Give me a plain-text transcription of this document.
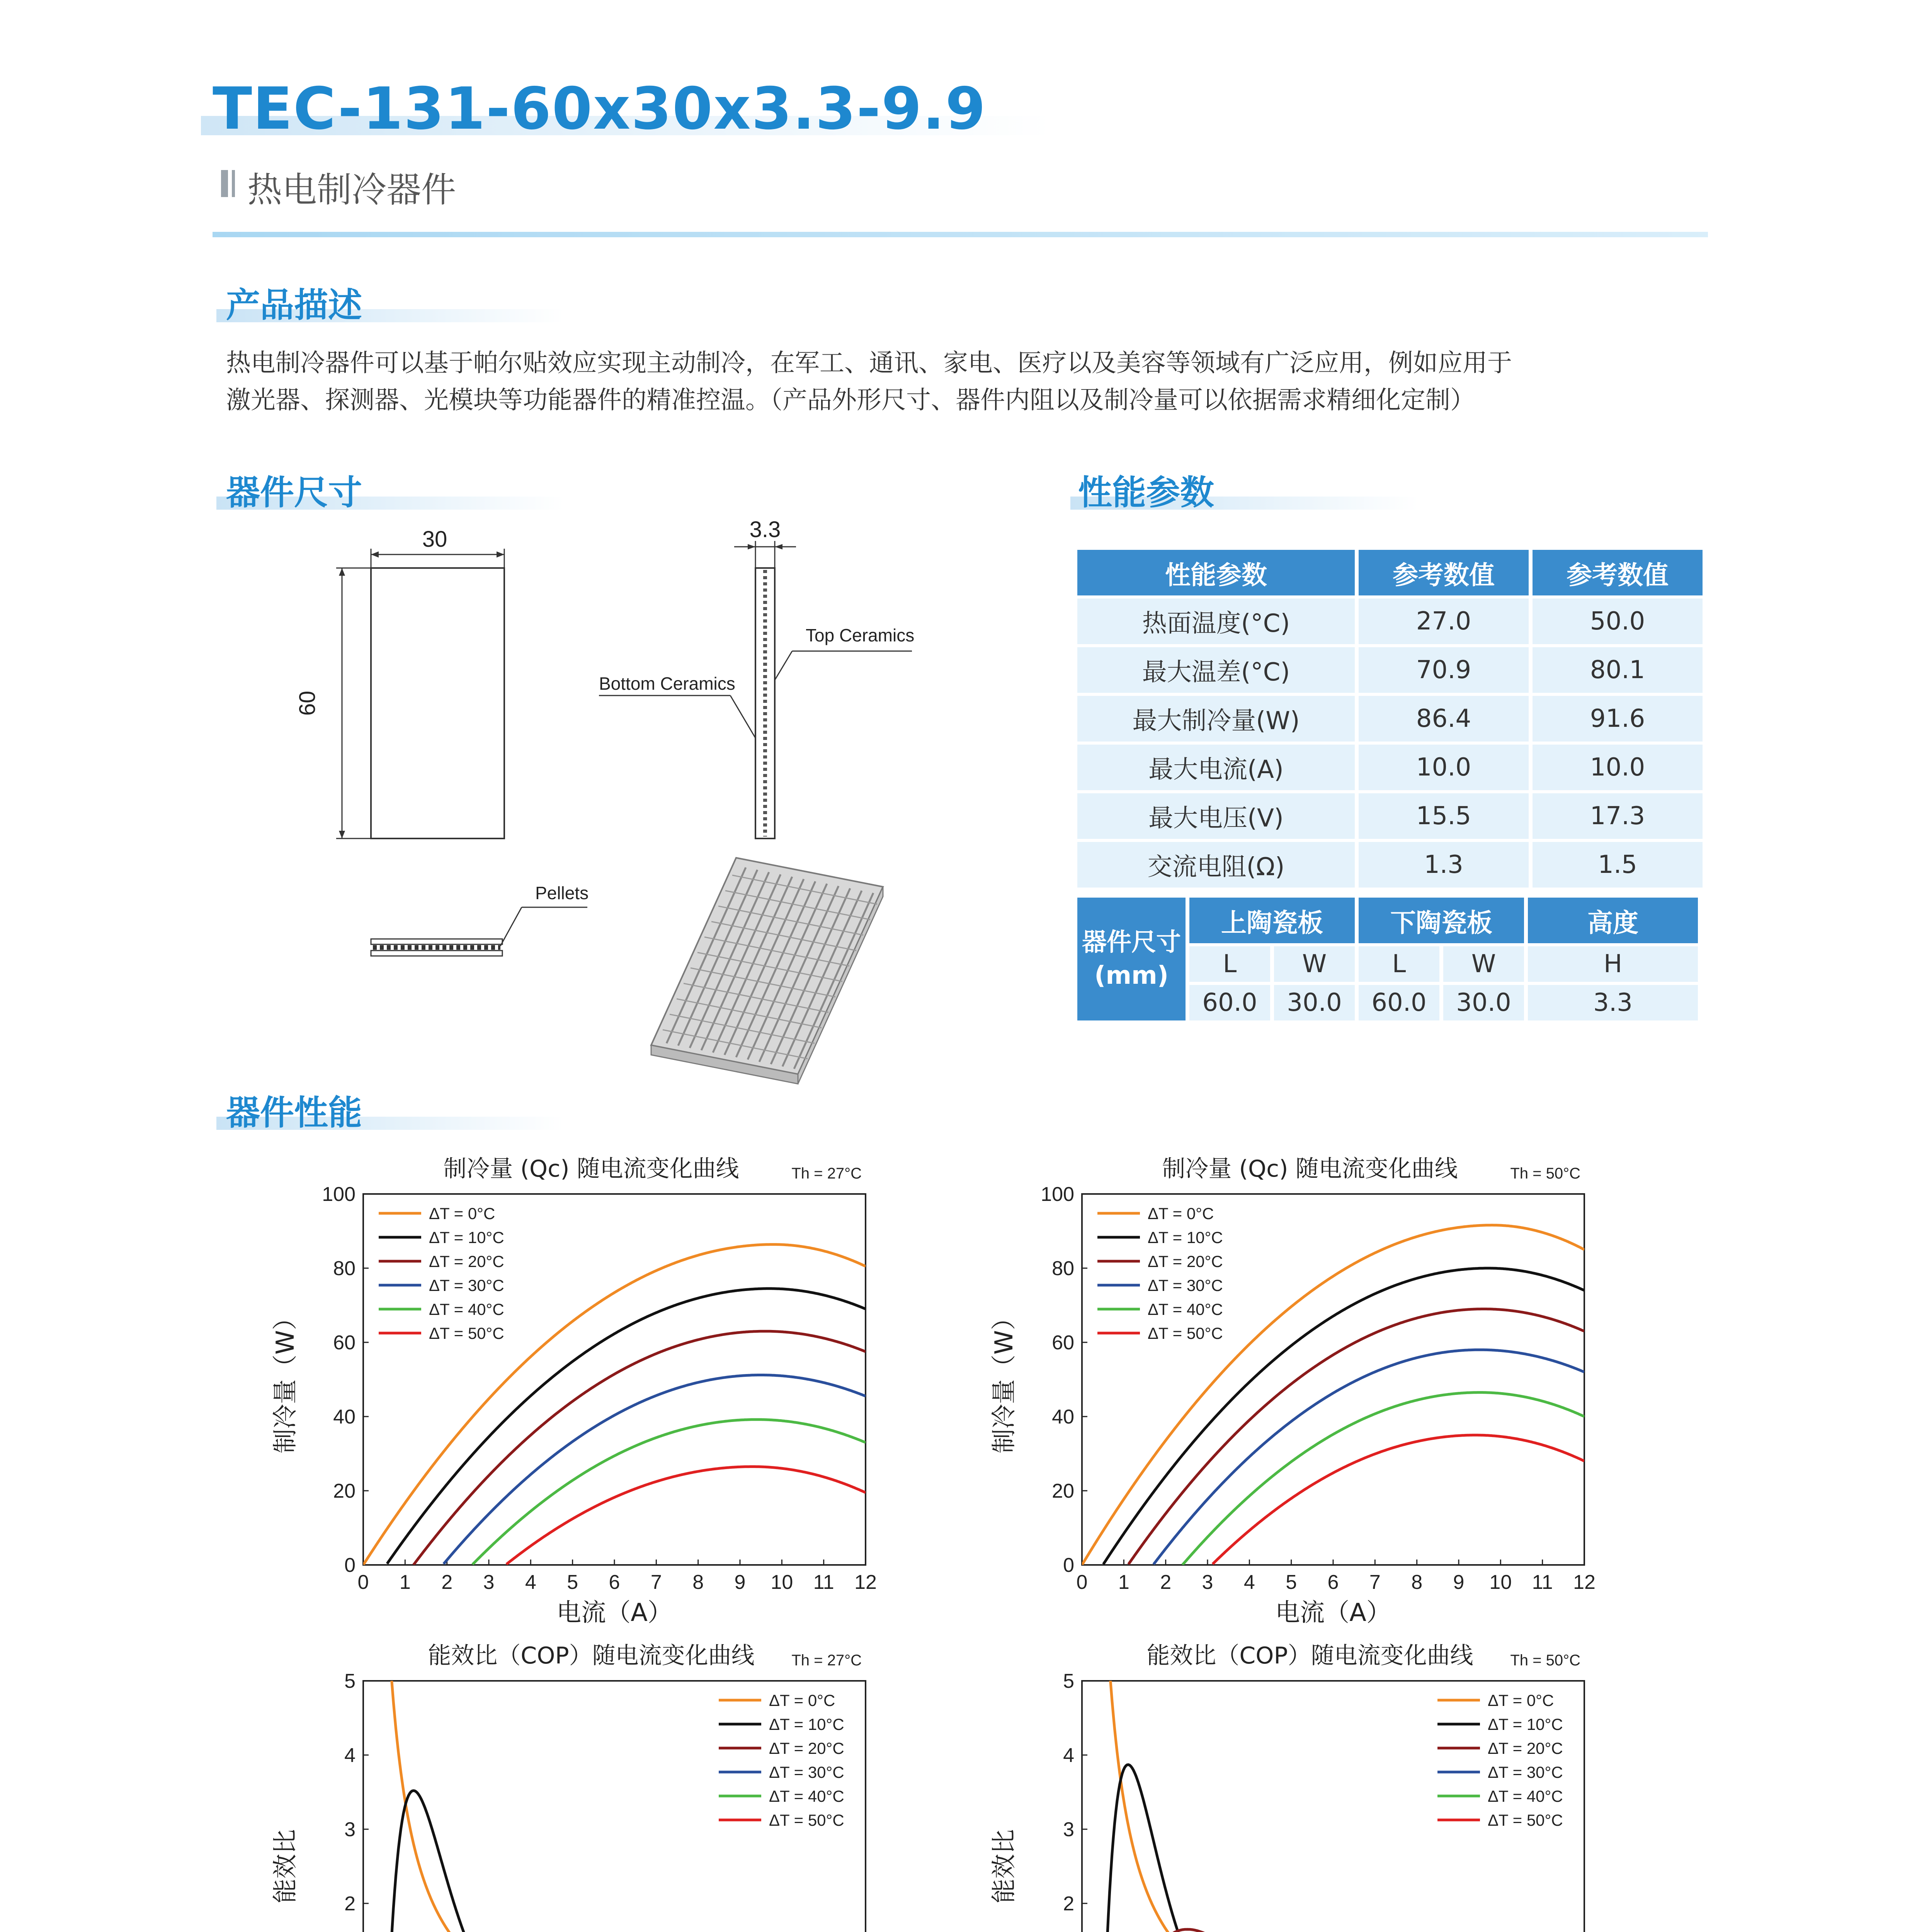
TEC-131-60x30x3.3-9.9
热电制冷器件
产品描述
热电制冷器件可以基于帕尔贴效应实现主动制冷，在军工、通讯、家电、医疗以及美容等领域有广泛应用，例如应用于
激光器、探测器、光模块等功能器件的精准控温。（产品外形尺寸、器件内阻以及制冷量可以依据需求精细化定制）
器件尺寸
30
60
3.3
Top Ceramics
Bottom Ceramics
Pellets
性能参数
性能参数	参考数值	参考数值
热面温度(°C)	27.0	50.0
最大温差(°C)	70.9	80.1
最大制冷量(W)	86.4	91.6
最大电流(A)	10.0	10.0
最大电压(V)	15.5	17.3
交流电阻(Ω)	1.3	1.5
器件尺寸
(mm)	上陶瓷板		下陶瓷板		高度
	L	W	L	W	H
	60.0	30.0	60.0	30.0	3.3
器件性能
制冷量 (Qc) 随电流变化曲线	Th = 27°C
0 1 2 3 4 5 6 7 8 9 10 11 12
0
20
40
60
80
100
电流（A）
制冷量（W）
ΔT = 0°C
ΔT = 10°C
ΔT = 20°C
ΔT = 30°C
ΔT = 40°C
ΔT = 50°C
制冷量 (Qc) 随电流变化曲线	Th = 50°C
0 1 2 3 4 5 6 7 8 9 10 11 12
0
20
40
60
80
100
电流（A）
制冷量（W）
ΔT = 0°C
ΔT = 10°C
ΔT = 20°C
ΔT = 30°C
ΔT = 40°C
ΔT = 50°C
能效比（COP）随电流变化曲线 Th = 27°C
2
3
4
5
能效比
ΔT = 0°C
ΔT = 10°C
ΔT = 20°C
ΔT = 30°C
ΔT = 40°C
ΔT = 50°C
能效比（COP）随电流变化曲线 Th = 50°C
2
3
4
5
能效比
ΔT = 0°C
ΔT = 10°C
ΔT = 20°C
ΔT = 30°C
ΔT = 40°C
ΔT = 50°C
